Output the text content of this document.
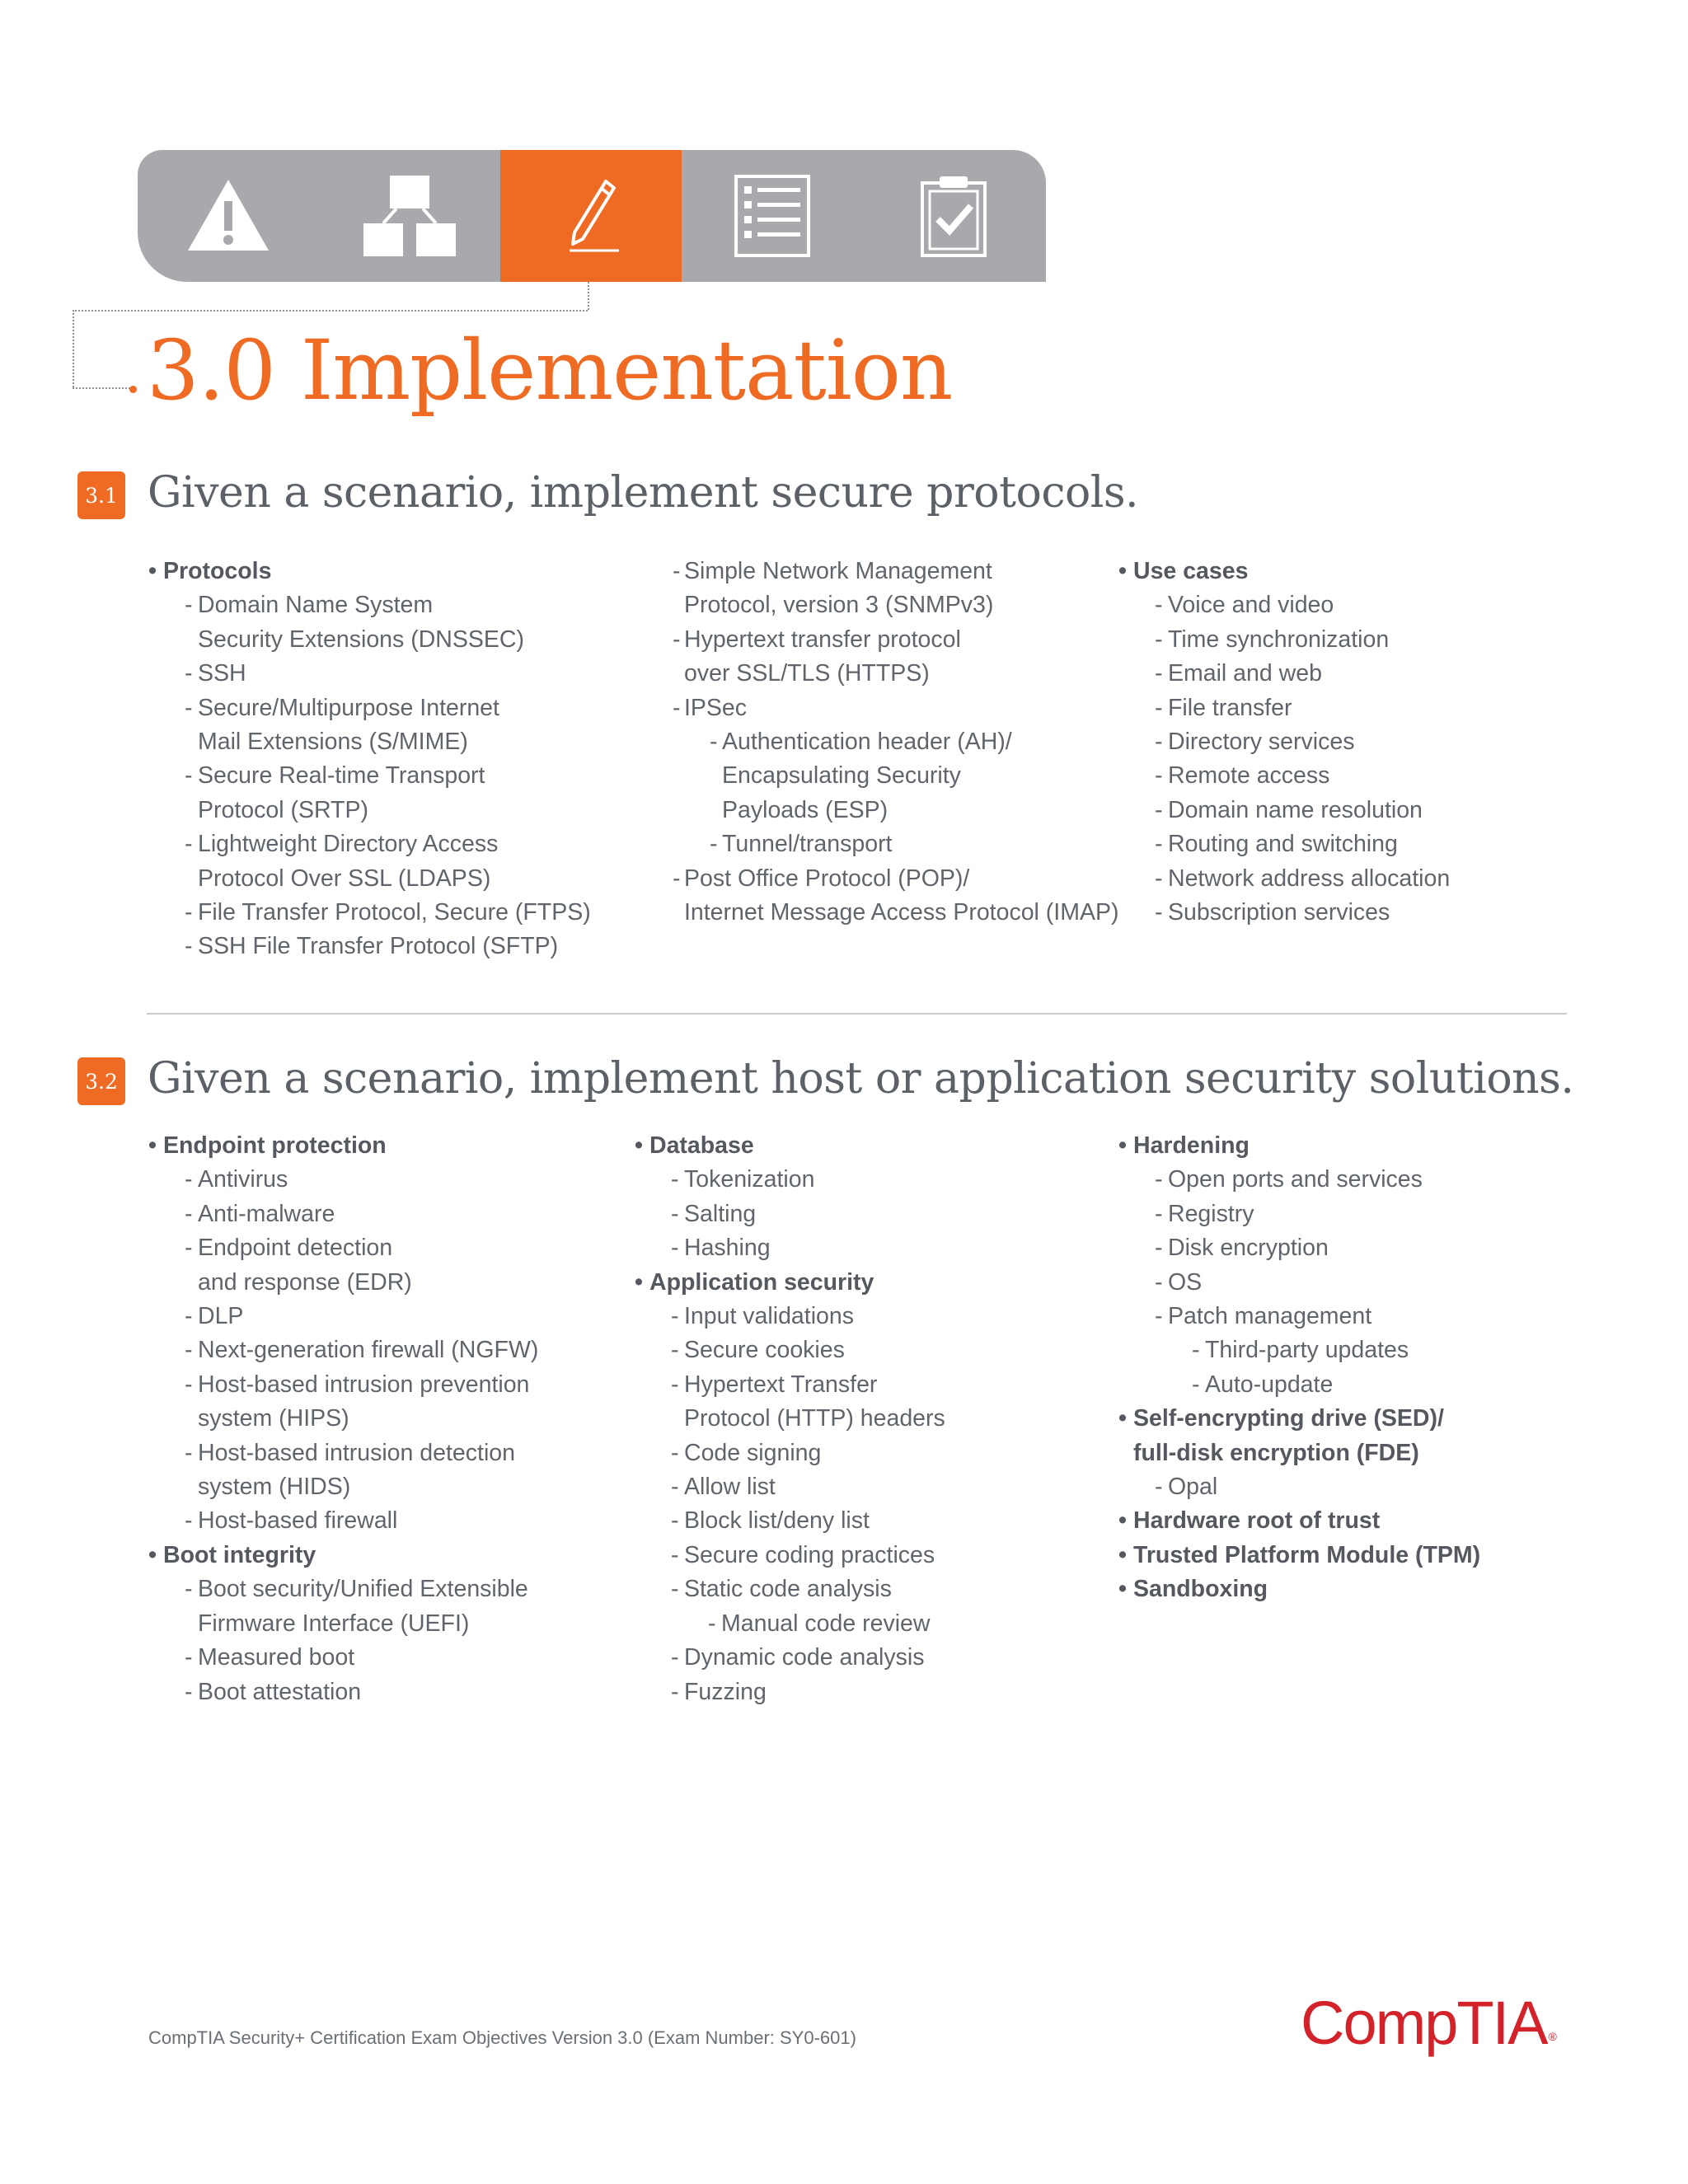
3.0 Implementation
3.1 Given a scenario, implement secure protocols.
• Protocols
- Domain Name System
Security Extensions (DNSSEC)
- SSH
- Secure/Multipurpose Internet
Mail Extensions (S/MIME)
- Secure Real-time Transport
Protocol (SRTP)
- Lightweight Directory Access
Protocol Over SSL (LDAPS)
- File Transfer Protocol, Secure (FTPS)
- SSH File Transfer Protocol (SFTP)
- Simple Network Management
Protocol, version 3 (SNMPv3)
- Hypertext transfer protocol
over SSL/TLS (HTTPS)
- IPSec
- Authentication header (AH)/
Encapsulating Security
Payloads (ESP)
- Tunnel/transport
- Post Office Protocol (POP)/
Internet Message Access Protocol (IMAP)
• Use cases
- Voice and video
- Time synchronization
- Email and web
- File transfer
- Directory services
- Remote access
- Domain name resolution
- Routing and switching
- Network address allocation
- Subscription services
3.2 Given a scenario, implement host or application security solutions.
• Endpoint protection
- Antivirus
- Anti-malware
- Endpoint detection
and response (EDR)
- DLP
- Next-generation firewall (NGFW)
- Host-based intrusion prevention
system (HIPS)
- Host-based intrusion detection
system (HIDS)
- Host-based firewall
• Boot integrity
- Boot security/Unified Extensible
Firmware Interface (UEFI)
- Measured boot
- Boot attestation
• Database
- Tokenization
- Salting
- Hashing
• Application security
- Input validations
- Secure cookies
- Hypertext Transfer
Protocol (HTTP) headers
- Code signing
- Allow list
- Block list/deny list
- Secure coding practices
- Static code analysis
- Manual code review
- Dynamic code analysis
- Fuzzing
• Hardening
- Open ports and services
- Registry
- Disk encryption
- OS
- Patch management
- Third-party updates
- Auto-update
• Self-encrypting drive (SED)/
full-disk encryption (FDE)
- Opal
• Hardware root of trust
• Trusted Platform Module (TPM)
• Sandboxing
CompTIA Security+ Certification Exam Objectives Version 3.0 (Exam Number: SY0-601)	CompTIA ®
